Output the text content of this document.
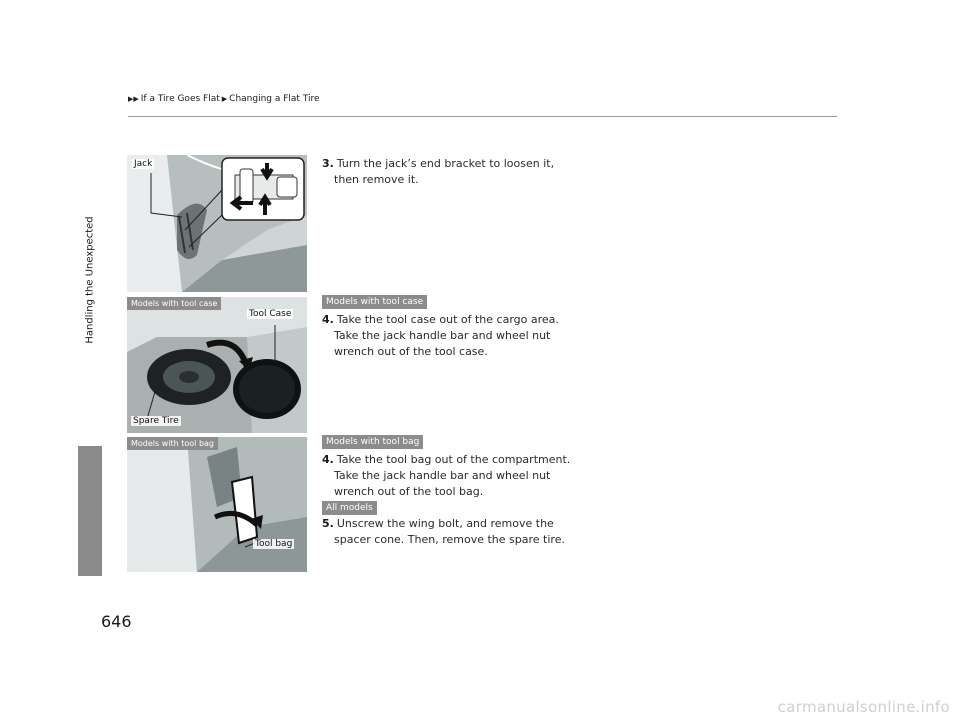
▶▶ If a Tire Goes Flat ▶ Changing a Flat Tire
Handling the Unexpected
646
Jack
Models with tool case
Tool Case
Spare Tire
Models with tool bag
Tool bag
3. Turn the jack’s end bracket to loosen it,
then remove it.
Models with tool case
4. Take the tool case out of the cargo area.
Take the jack handle bar and wheel nut
wrench out of the tool case.
Models with tool bag
4. Take the tool bag out of the compartment.
Take the jack handle bar and wheel nut
wrench out of the tool bag.
All models
5. Unscrew the wing bolt, and remove the
spacer cone. Then, remove the spare tire.
carmanualsonline.info
